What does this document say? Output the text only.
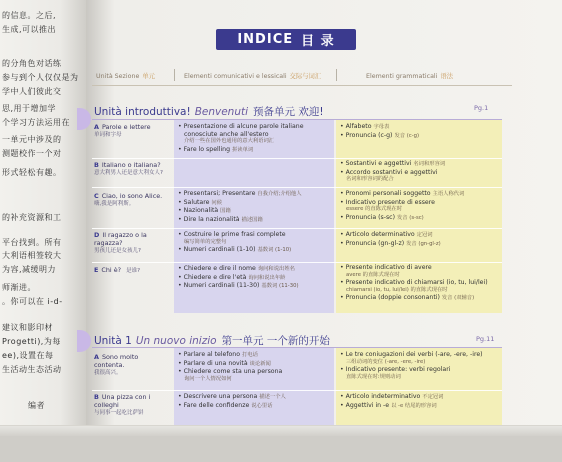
的信息。之后,
生成,可以推出
的分角色对话练
参与到个人仅仅是为
学中人们彼此交
思,用于增加学
个学习方法运用在
一单元中涉及的
测题校作一个对
形式轻松有趣。
的补充资源和工
平台找到。所有
大利语相签较大
为容,减缓明力
师渐进。
。你可以在 i-d-
建议和影印材
Progetti),为每
ee),设置在每
生活动生态活动
编者
INDICE 目 录
Unità Sezione 单元	Elementi comunicativi e lessicali 交际与词汇	Elementi grammaticali 语法
Unità introduttiva! Benvenuti 预备单元 欢迎!	Pg.1
A Parole e lettere
单词和字母
• Presentazione di alcune parole italiane
conosciute anche all'estero
介绍一些在国外也通用的意大利语词汇
• Fare lo spelling 拼读单词
• Alfabeto 字母表
• Pronuncia (c-g) 发音 (c-g)
B Italiano o italiana?
意大利男人还是意大利女人?
• Sostantivi e aggettivi 名词和形容词
• Accordo sostantivi e aggettivi
名词和形容词的配合
C Ciao, io sono Alice.
嗨,我是阿利斯。
• Presentarsi; Presentare 自我介绍;介绍他人
• Salutare 问候
• Nazionalità 国籍
• Dire la nazionalità 描述国籍
• Pronomi personali soggetto 主语人称代词
• Indicativo presente di essere
essere 的直陈式现在时
• Pronuncia (s-sc) 发音 (s-sc)
D Il ragazzo o la ragazza?
男孩儿还是女孩儿?
• Costruire le prime frasi complete
编写简单的完整句
• Numeri cardinali (1-10) 基数词 (1-10)
• Articolo determinativo 定冠词
• Pronuncia (gn-gl-z) 发音 (gn-gl-z)
E Chi è? 是谁?
•	Chiedere e dire il nome 询问和说出姓名
• Chiedere e dire l'età 询问和说出年龄
• Numeri cardinali (11-30) 基数词 (11-30)
• Presente indicativo di avere
avere 的直陈式现在时
• Presente indicativo di chiamarsi (io, tu, lui/lei)
chiamarsi (io, tu, lui/lei) 的直陈式现在时
• Pronuncia (doppie consonanti) 发音 (双辅音)
Unità 1 Un nuovo inizio 第一单元 一个新的开始	Pg.11
A Sono molto contenta.
我很高兴。
• Parlare al telefono 打电话
• Parlare di una novità 谈论新闻
• Chiedere come sta una persona
询问一个人情况如何
• Le tre coniugazioni dei verbi (-are, -ere, -ire)
三组动词的变位 (-are, -ere, -ire)
• Indicativo presente: verbi regolari
直陈式现在时:规则动词
B Una pizza con i colleghi
与同事一起吃比萨饼
• Descrivere una persona 描述一个人
• Fare delle confidenze 说心里话
• Articolo indeterminativo 不定冠词
• Aggettivi in -e 以 -e 结尾的形容词
